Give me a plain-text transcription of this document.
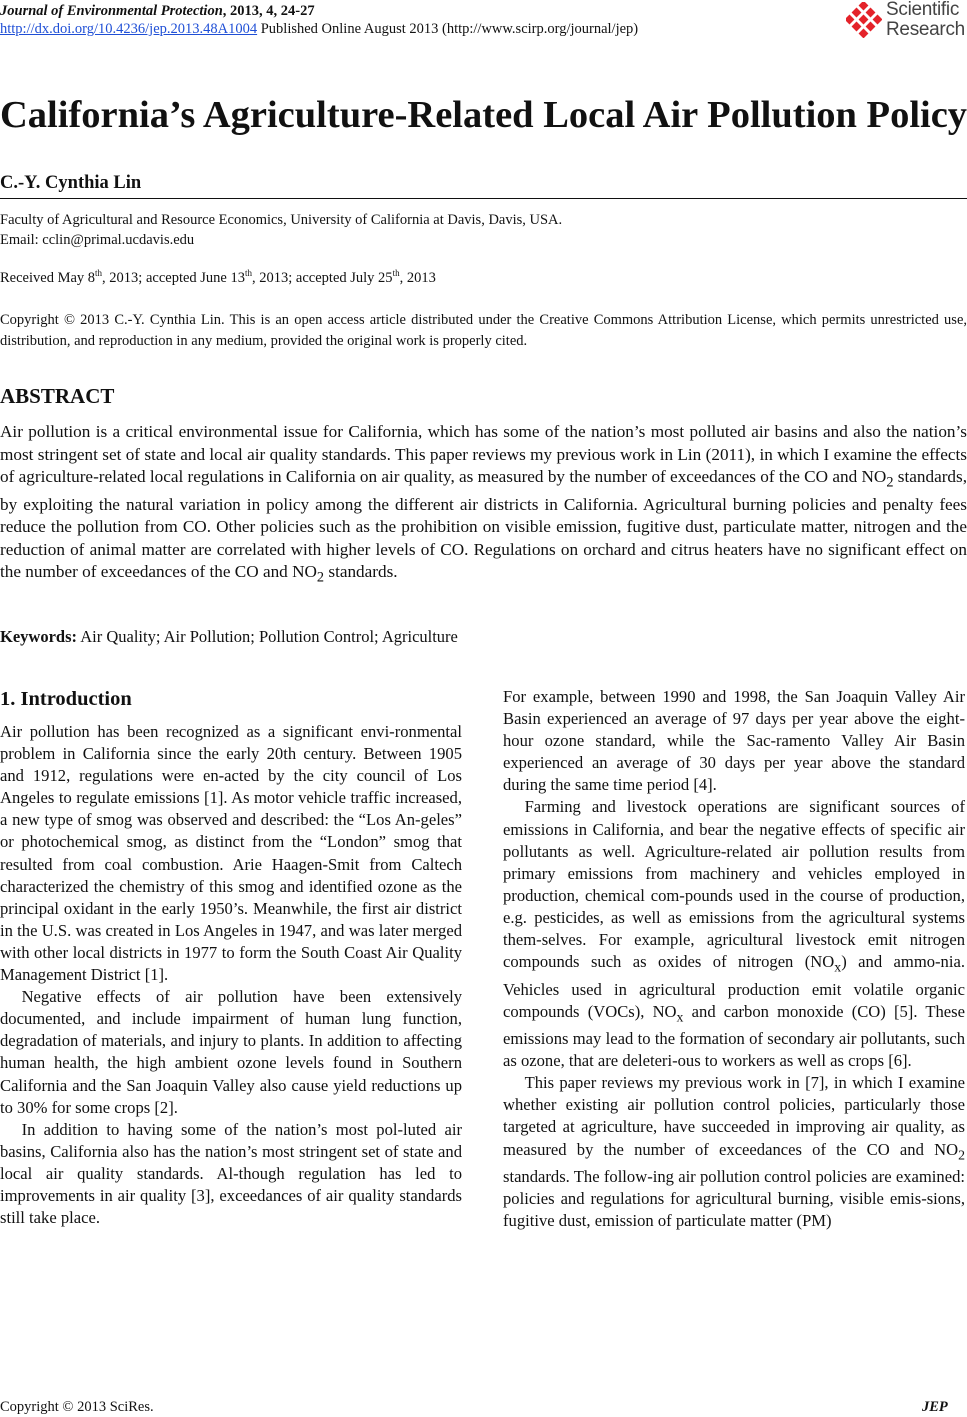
Journal of Environmental Protection, 2013, 4, 24-27
http://dx.doi.org/10.4236/jep.2013.48A1004 Published Online August 2013 (http://www.scirp.org/journal/jep)
Scientific
Research
California’s Agriculture-Related Local Air Pollution Policy
C.-Y. Cynthia Lin
Faculty of Agricultural and Resource Economics, University of California at Davis, Davis, USA.
Email: cclin@primal.ucdavis.edu
Received May 8th, 2013; accepted June 13th, 2013; accepted July 25th, 2013
Copyright © 2013 C.-Y. Cynthia Lin. This is an open access article distributed under the Creative Commons Attribution License, which permits unrestricted use, distribution, and reproduction in any medium, provided the original work is properly cited.
ABSTRACT

Air pollution is a critical environmental issue for California, which has some of the nation’s most polluted air basins and also the nation’s most stringent set of state and local air quality standards. This paper reviews my previous work in Lin (2011), in which I examine the effects of agriculture-related local regulations in California on air quality, as measured by the number of exceedances of the CO and $NO_2$ standards, by exploiting the natural variation in policy among the different air districts in California. Agricultural burning policies and penalty fees reduce the pollution from CO. Other policies such as the prohibition on visible emission, fugitive dust, particulate matter, nitrogen and the reduction of animal matter are correlated with higher levels of CO. Regulations on orchard and citrus heaters have no significant effect on the number of exceedances of the CO and $NO_2$ standards.

Keywords: Air Quality; Air Pollution; Pollution Control; Agriculture
1. Introduction

Air pollution has been recognized as a significant envi-ronmental problem in California since the early 20th century. Between 1905 and 1912, regulations were en-acted by the city council of Los Angeles to regulate emissions [1]. As motor vehicle traffic increased, a new type of smog was observed and described: the “Los An-geles” or photochemical smog, as distinct from the “London” smog that resulted from coal combustion. Arie Haagen-Smit from Caltech characterized the chemistry of this smog and identified ozone as the principal oxidant in the early 1950’s. Meanwhile, the first air district in the U.S. was created in Los Angeles in 1947, and was later merged with other local districts in 1977 to form the South Coast Air Quality Management District [1].

Negative effects of air pollution have been extensively documented, and include impairment of human lung function, degradation of materials, and injury to plants. In addition to affecting human health, the high ambient ozone levels found in Southern California and the San Joaquin Valley also cause yield reductions up to 30% for some crops [2].

In addition to having some of the nation’s most pol-luted air basins, California also has the nation’s most stringent set of state and local air quality standards. Al-though regulation has led to improvements in air quality [3], exceedances of air quality standards still take place.

For example, between 1990 and 1998, the San Joaquin Valley Air Basin experienced an average of 97 days per year above the eight-hour ozone standard, while the Sac-ramento Valley Air Basin experienced an average of 30 days per year above the standard during the same time period [4].

Farming and livestock operations are significant sources of emissions in California, and bear the negative effects of specific air pollutants as well. Agriculture-related air pollution results from primary emissions from machinery and vehicles employed in production, chemical com-pounds used in the course of production, e.g. pesticides, as well as emissions from the agricultural systems them-selves. For example, agricultural livestock emit nitrogen compounds such as oxides of nitrogen $(NO_x)$ and ammo-nia. Vehicles used in agricultural production emit volatile organic compounds (VOCs), $NO_x$ and carbon monoxide (CO) [5]. These emissions may lead to the formation of secondary air pollutants, such as ozone, that are deleteri-ous to workers as well as crops [6].

This paper reviews my previous work in [7], in which I examine whether existing air pollution control policies, particularly those targeted at agriculture, have succeeded in improving air quality, as measured by the number of exceedances of the CO and $NO_2$ standards. The follow-ing air pollution control policies are examined: policies and regulations for agricultural burning, visible emis-sions, fugitive dust, emission of particulate matter (PM)

Copyright © 2013 SciRes.	JEP
